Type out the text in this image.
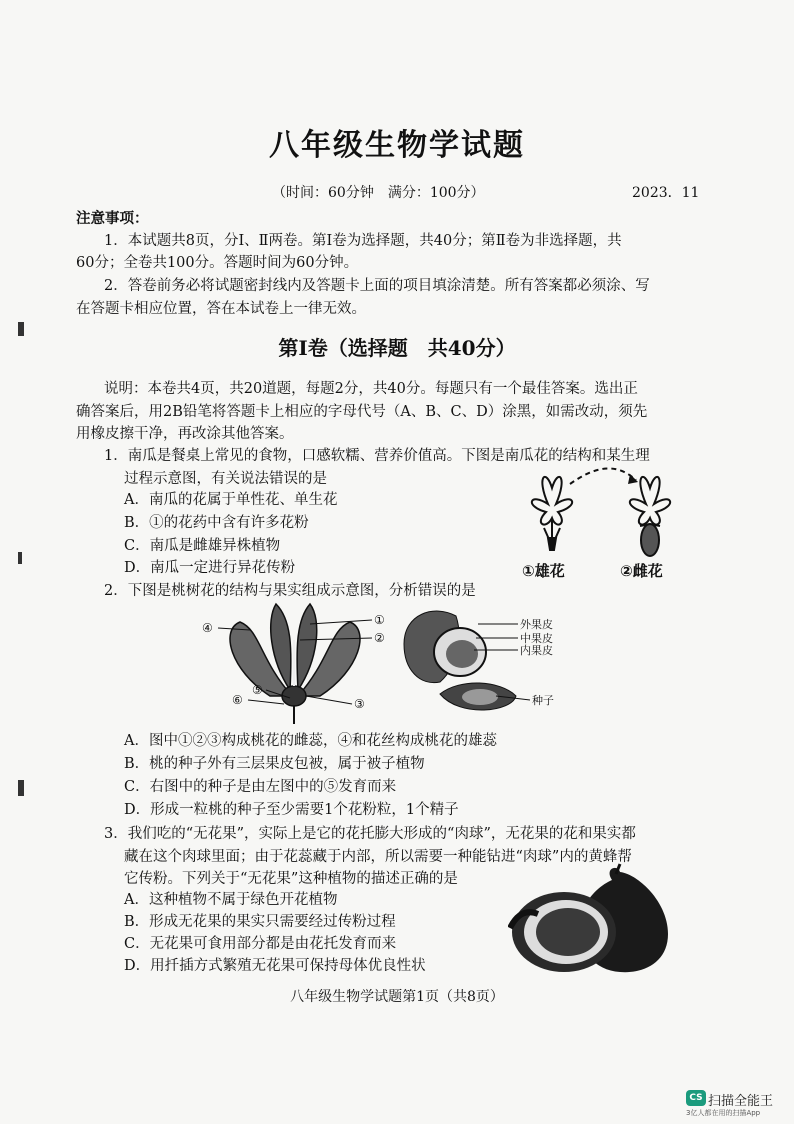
八年级生物学试题
（时间：60分钟　满分：100分）	2023．11
注意事项：
1．本试题共8页，分Ⅰ、Ⅱ两卷。第Ⅰ卷为选择题，共40分；第Ⅱ卷为非选择题，共
60分；全卷共100分。答题时间为60分钟。
2．答卷前务必将试题密封线内及答题卡上面的项目填涂清楚。所有答案都必须涂、写
在答题卡相应位置，答在本试卷上一律无效。
第Ⅰ卷（选择题　共40分）
说明：本卷共4页，共20道题，每题2分，共40分。每题只有一个最佳答案。选出正
确答案后，用2B铅笔将答题卡上相应的字母代号（A、B、C、D）涂黑，如需改动，须先
用橡皮擦干净，再改涂其他答案。
1．南瓜是餐桌上常见的食物，口感软糯、营养价值高。下图是南瓜花的结构和某生理
过程示意图，有关说法错误的是
A．南瓜的花属于单性花、单生花
B．①的花药中含有许多花粉
C．南瓜是雌雄异株植物
D．南瓜一定进行异花传粉	①雄花	②雌花
2．下图是桃树花的结构与果实组成示意图，分析错误的是
①
②
③
④
⑤
⑥
外果皮
中果皮
内果皮
种子
A．图中①②③构成桃花的雌蕊，④和花丝构成桃花的雄蕊
B．桃的种子外有三层果皮包被，属于被子植物
C．右图中的种子是由左图中的⑤发育而来
D．形成一粒桃的种子至少需要1个花粉粒，1个精子
3．我们吃的“无花果”，实际上是它的花托膨大形成的“肉球”，无花果的花和果实都
藏在这个肉球里面；由于花蕊藏于内部，所以需要一种能钻进“肉球”内的黄蜂帮
它传粉。下列关于“无花果”这种植物的描述正确的是
A．这种植物不属于绿色开花植物
B．形成无花果的果实只需要经过传粉过程
C．无花果可食用部分都是由花托发育而来
D．用扦插方式繁殖无花果可保持母体优良性状
八年级生物学试题第1页（共8页）
CS 扫描全能王
3亿人都在用的扫描App
